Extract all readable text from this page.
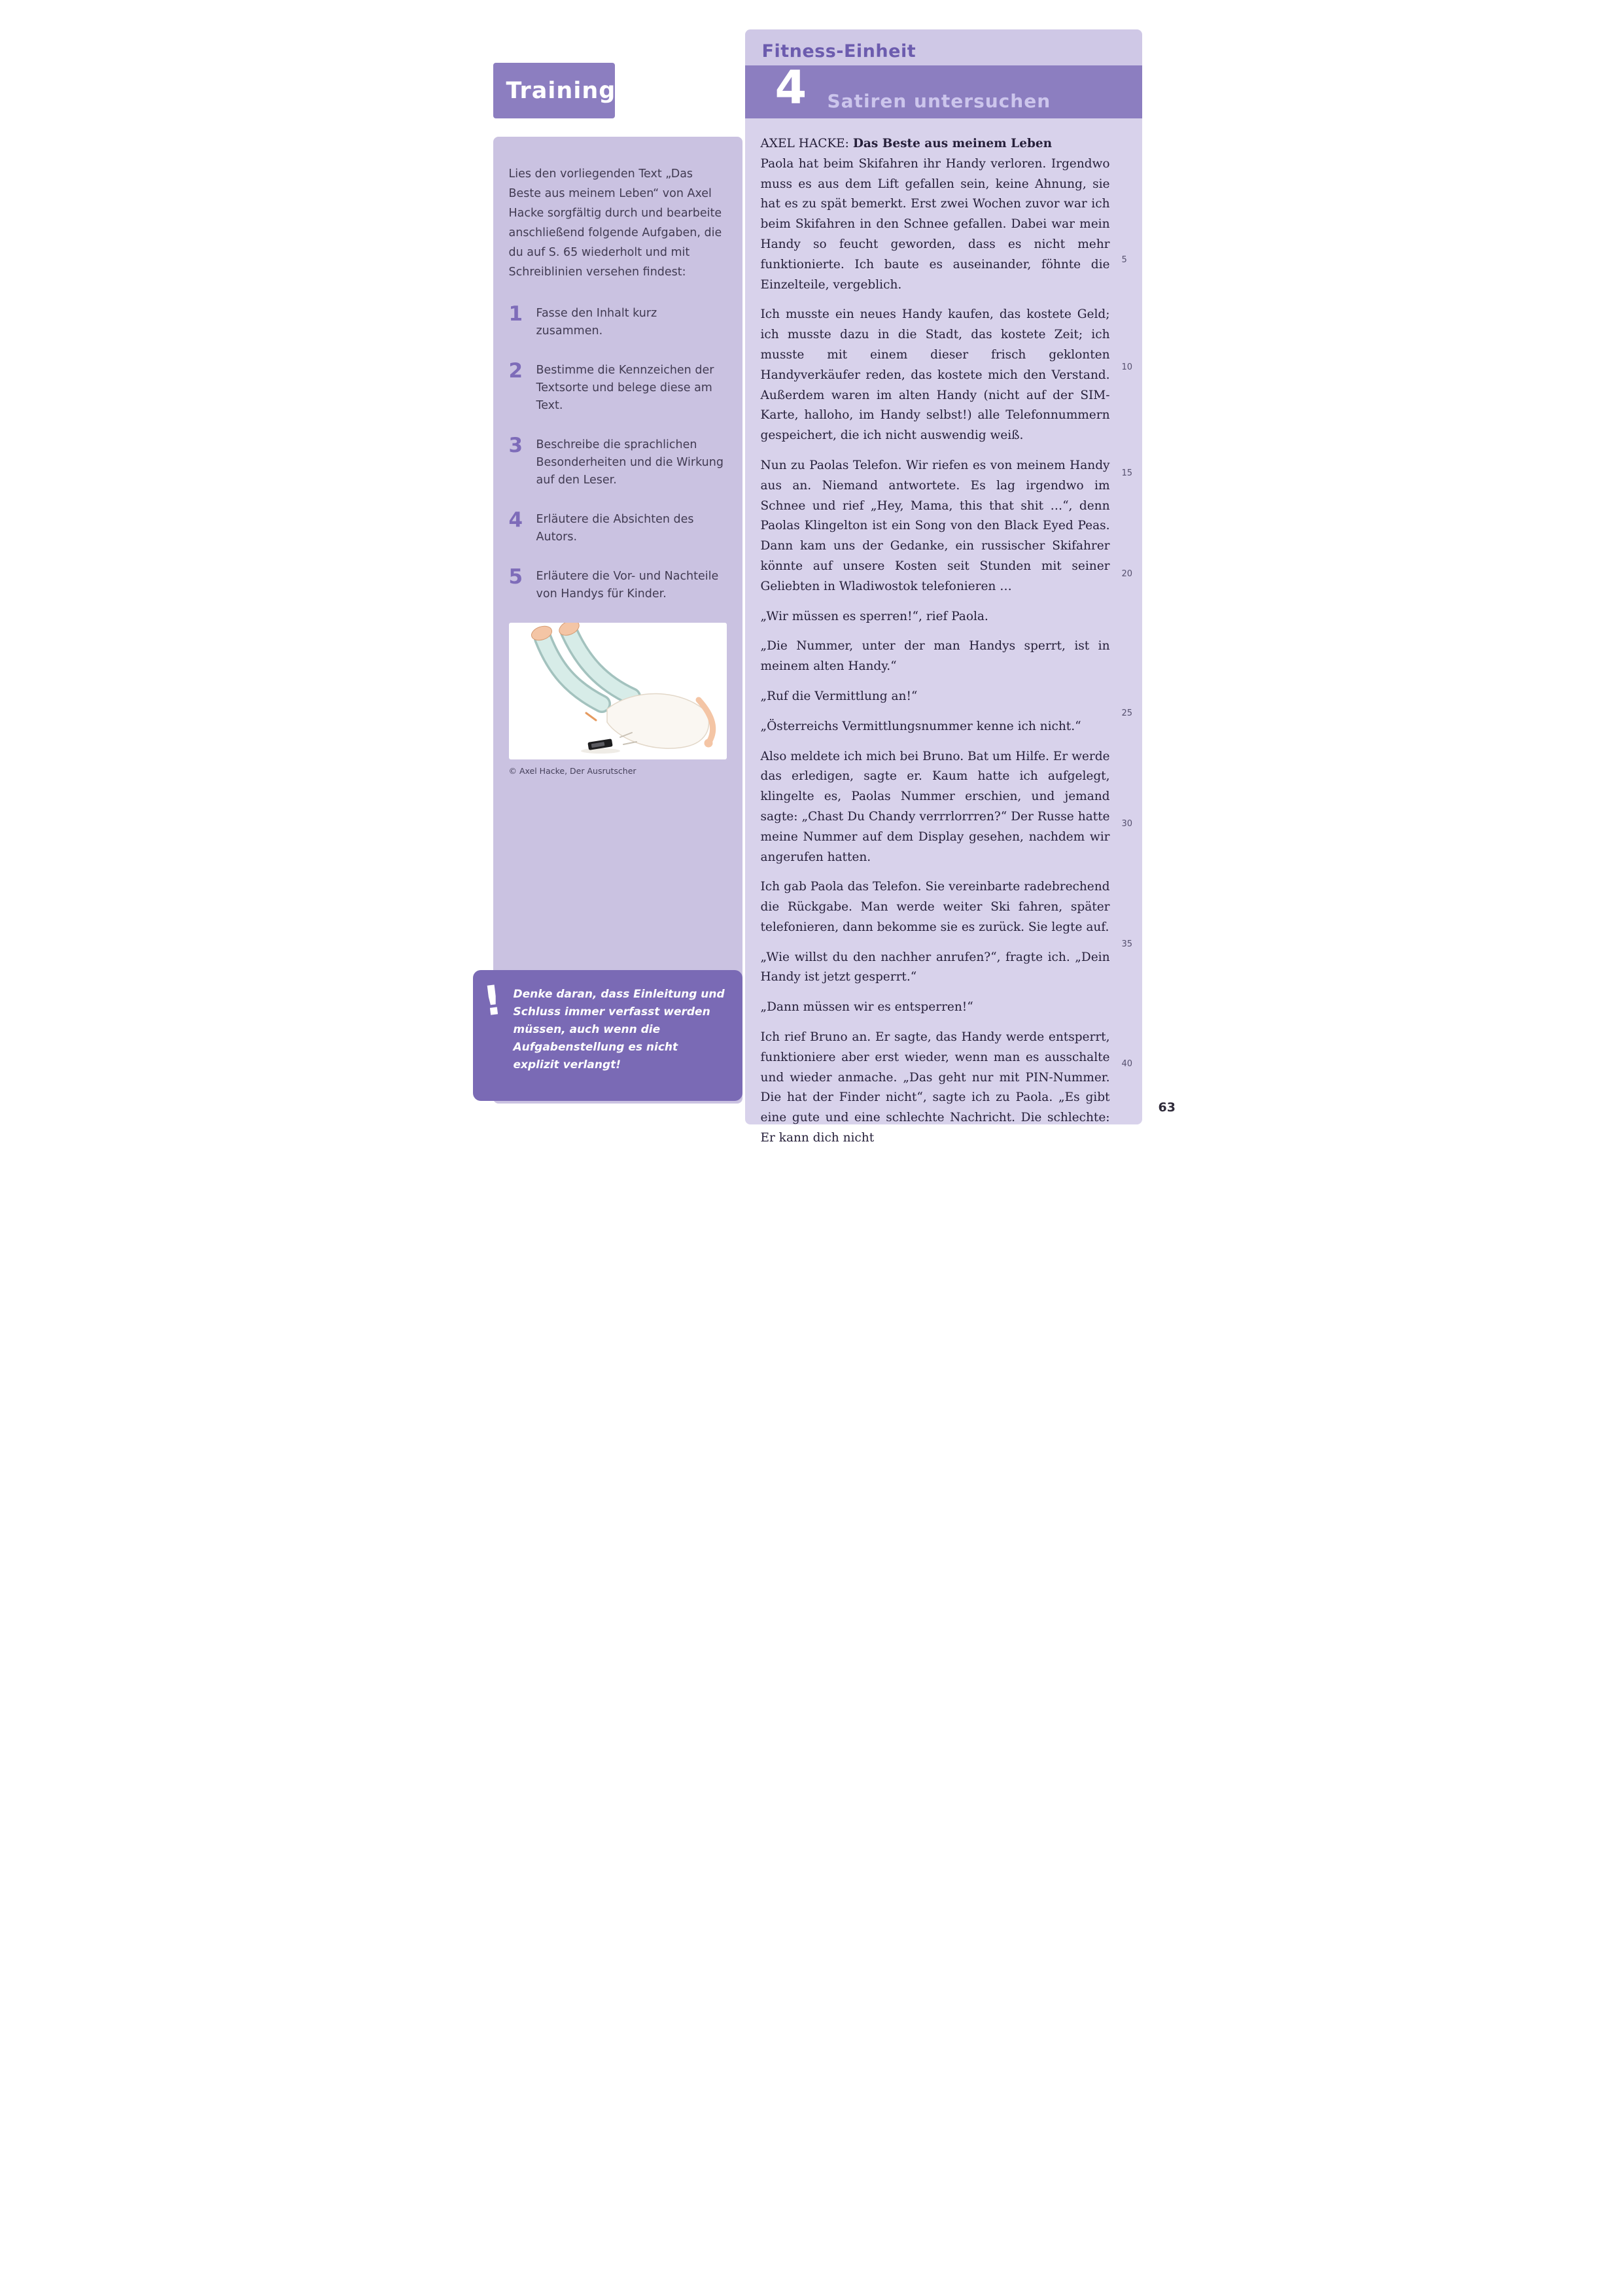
Training

Lies den vorliegenden Text „Das Beste aus meinem Leben“ von Axel Hacke sorgfältig durch und bearbeite anschließend folgende Aufgaben, die du auf S. 65 wiederholt und mit Schreiblinien versehen findest:

1 Fasse den Inhalt kurz zusammen.
2 Bestimme die Kennzeichen der Textsorte und belege diese am Text.
3 Beschreibe die sprachlichen Besonderheiten und die Wirkung auf den Leser.
4 Erläutere die Absichten des Autors.
5 Erläutere die Vor- und Nachteile von Handys für Kinder.

© Axel Hacke, Der Ausrutscher

! Denke daran, dass Einleitung und Schluss immer verfasst werden müssen, auch wenn die Aufgabenstellung es nicht explizit verlangt!

Fitness-Einheit
4 Satiren untersuchen

AXEL HACKE: Das Beste aus meinem Leben

Paola hat beim Skifahren ihr Handy verloren. Irgendwo muss es aus dem Lift gefallen sein, keine Ahnung, sie hat es zu spät bemerkt. Erst zwei Wochen zuvor war ich beim Skifahren in den Schnee gefallen. Dabei war mein Handy so feucht geworden, dass es nicht mehr funktionierte. Ich baute es auseinander, föhnte die Einzelteile, vergeblich.

Ich musste ein neues Handy kaufen, das kostete Geld; ich musste dazu in die Stadt, das kostete Zeit; ich musste mit einem dieser frisch geklonten Handyverkäufer reden, das kostete mich den Verstand. Außerdem waren im alten Handy (nicht auf der SIM-Karte, halloho, im Handy selbst!) alle Telefonnummern gespeichert, die ich nicht auswendig weiß.

Nun zu Paolas Telefon. Wir riefen es von meinem Handy aus an. Niemand antwortete. Es lag irgendwo im Schnee und rief „Hey, Mama, this that shit …“, denn Paolas Klingelton ist ein Song von den Black Eyed Peas. Dann kam uns der Gedanke, ein russischer Skifahrer könnte auf unsere Kosten seit Stunden mit seiner Geliebten in Wladiwostok telefonieren …

„Wir müssen es sperren!“, rief Paola.

„Die Nummer, unter der man Handys sperrt, ist in meinem alten Handy.“

„Ruf die Vermittlung an!“

„Österreichs Vermittlungsnummer kenne ich nicht.“

Also meldete ich mich bei Bruno. Bat um Hilfe. Er werde das erledigen, sagte er. Kaum hatte ich aufgelegt, klingelte es, Paolas Nummer erschien, und jemand sagte: „Chast Du Chandy verrrlorrren?“ Der Russe hatte meine Nummer auf dem Display gesehen, nachdem wir angerufen hatten.

Ich gab Paola das Telefon. Sie vereinbarte radebrechend die Rückgabe. Man werde weiter Ski fahren, später telefonieren, dann bekomme sie es zurück. Sie legte auf.

„Wie willst du den nachher anrufen?“, fragte ich. „Dein Handy ist jetzt gesperrt.“

„Dann müssen wir es entsperren!“

Ich rief Bruno an. Er sagte, das Handy werde entsperrt, funktioniere aber erst wieder, wenn man es ausschalte und wieder anmache. „Das geht nur mit PIN-Nummer. Die hat der Finder nicht“, sagte ich zu Paola. „Es gibt eine gute und eine schlechte Nachricht. Die schlechte: Er kann dich nicht

5
10
15
20
25
30
35
40
63
